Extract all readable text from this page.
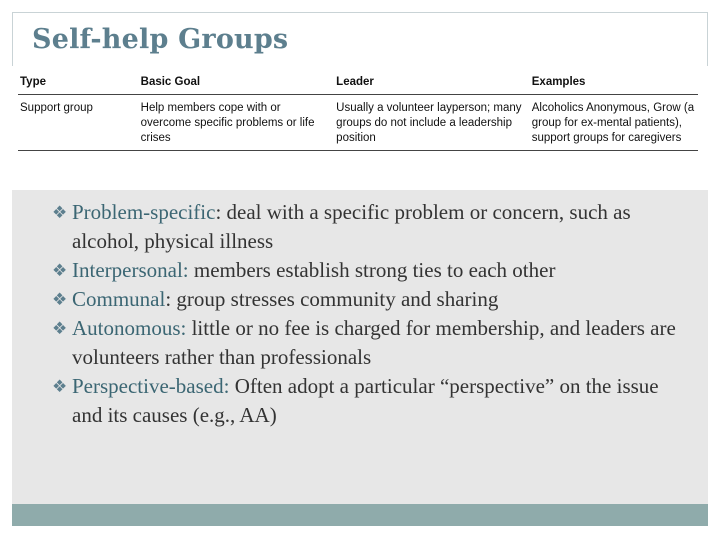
Self-help Groups
Type	Basic Goal	Leader	Examples
Support group	Help members cope with or overcome specific problems or life crises	Usually a volunteer layperson; many groups do not include a leadership position	Alcoholics Anonymous, Grow (a group for ex-mental patients), support groups for caregivers
❖ Problem-specific: deal with a specific problem or concern, such as alcohol, physical illness
❖ Interpersonal: members establish strong ties to each other
❖ Communal: group stresses community and sharing
❖ Autonomous: little or no fee is charged for membership, and leaders are volunteers rather than professionals
❖ Perspective-based: Often adopt a particular “perspective” on the issue and its causes (e.g., AA)
